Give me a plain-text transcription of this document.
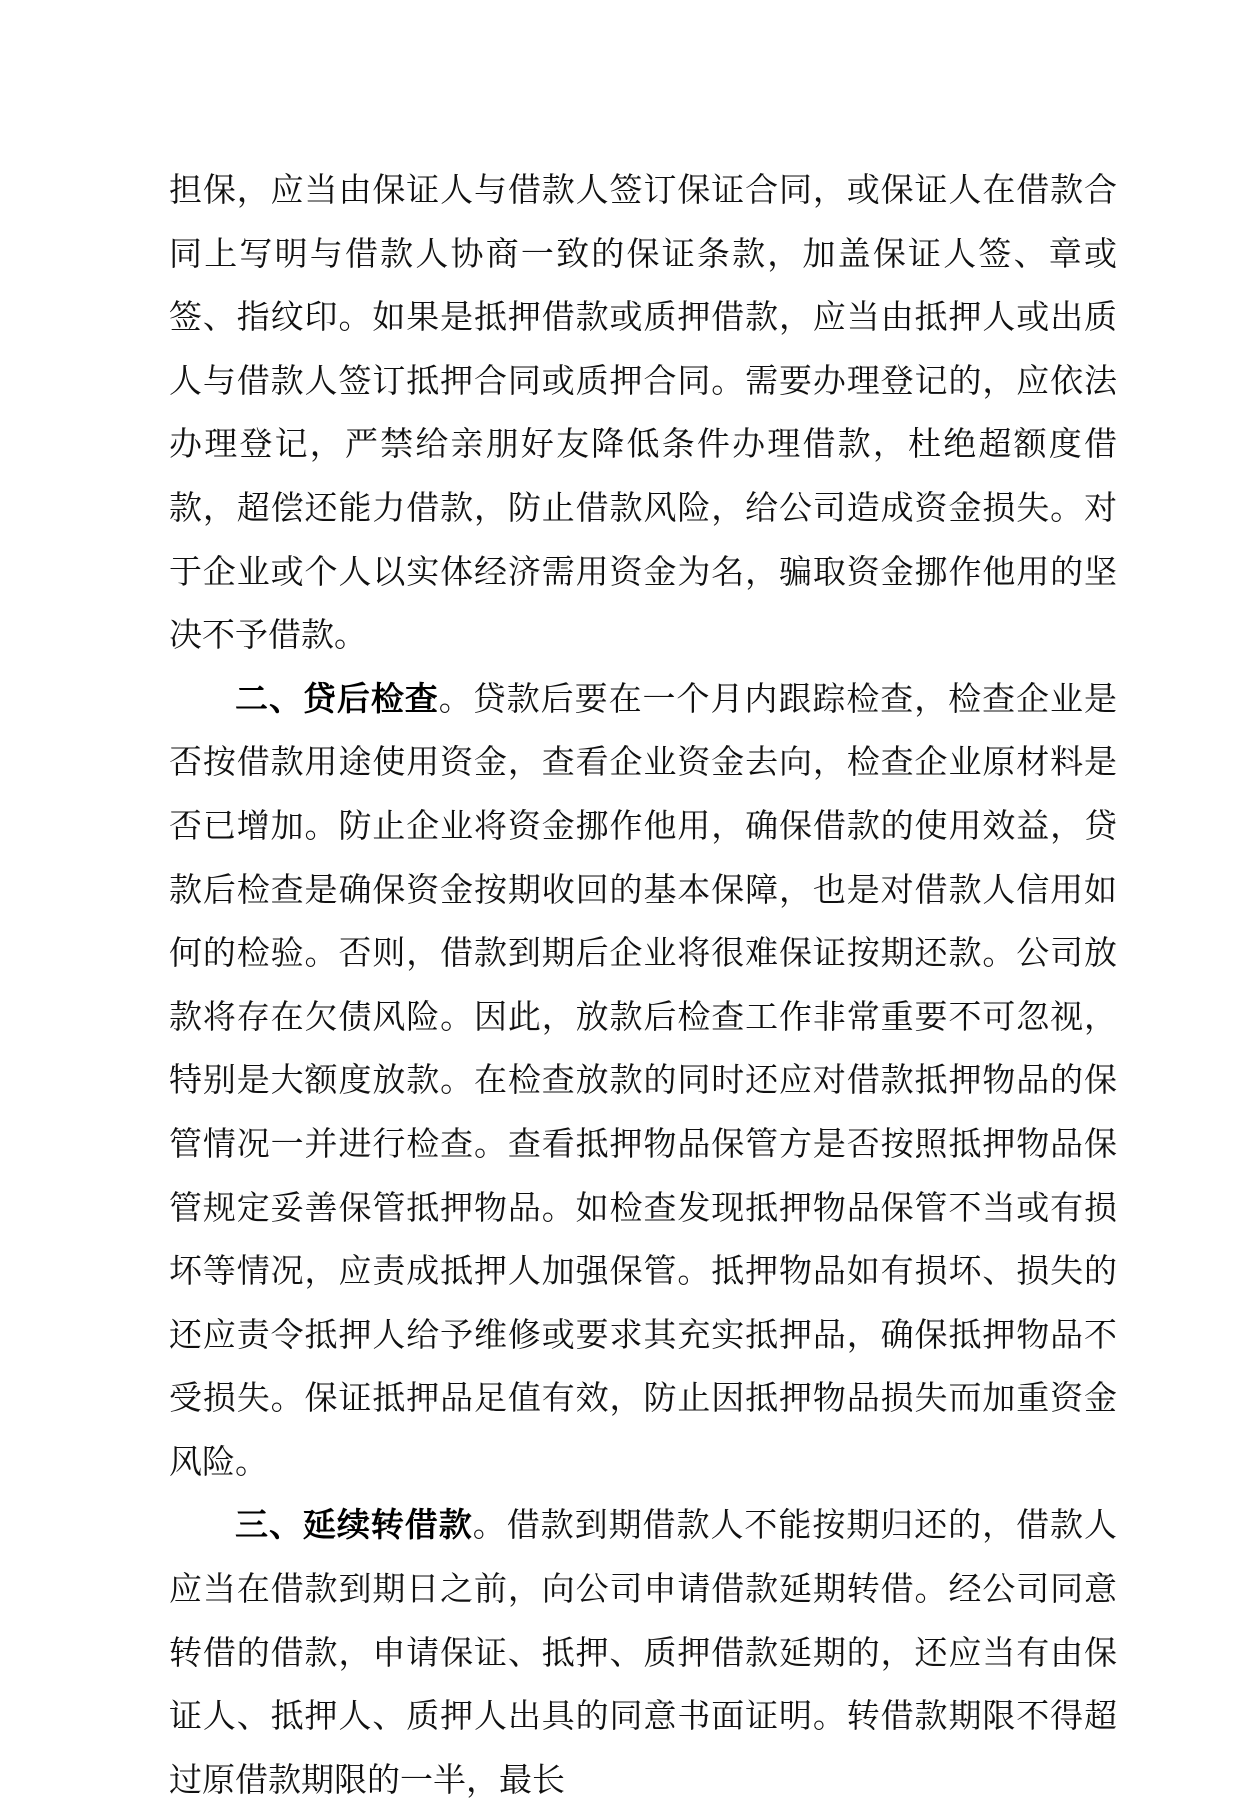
担保，应当由保证人与借款人签订保证合同，或保证人在借款合同上写明与借款人协商一致的保证条款，加盖保证人签、章或签、指纹印。如果是抵押借款或质押借款，应当由抵押人或出质人与借款人签订抵押合同或质押合同。需要办理登记的，应依法办理登记，严禁给亲朋好友降低条件办理借款，杜绝超额度借款，超偿还能力借款，防止借款风险，给公司造成资金损失。对于企业或个人以实体经济需用资金为名，骗取资金挪作他用的坚决不予借款。

二、贷后检查。贷款后要在一个月内跟踪检查，检查企业是否按借款用途使用资金，查看企业资金去向，检查企业原材料是否已增加。防止企业将资金挪作他用，确保借款的使用效益，贷款后检查是确保资金按期收回的基本保障，也是对借款人信用如何的检验。否则，借款到期后企业将很难保证按期还款。公司放款将存在欠债风险。因此，放款后检查工作非常重要不可忽视，特别是大额度放款。在检查放款的同时还应对借款抵押物品的保管情况一并进行检查。查看抵押物品保管方是否按照抵押物品保管规定妥善保管抵押物品。如检查发现抵押物品保管不当或有损坏等情况，应责成抵押人加强保管。抵押物品如有损坏、损失的还应责令抵押人给予维修或要求其充实抵押品，确保抵押物品不受损失。保证抵押品足值有效，防止因抵押物品损失而加重资金风险。

三、延续转借款。借款到期借款人不能按期归还的，借款人应当在借款到期日之前，向公司申请借款延期转借。经公司同意转借的借款，申请保证、抵押、质押借款延期的，还应当有由保证人、抵押人、质押人出具的同意书面证明。转借款期限不得超过原借款期限的一半，最长
